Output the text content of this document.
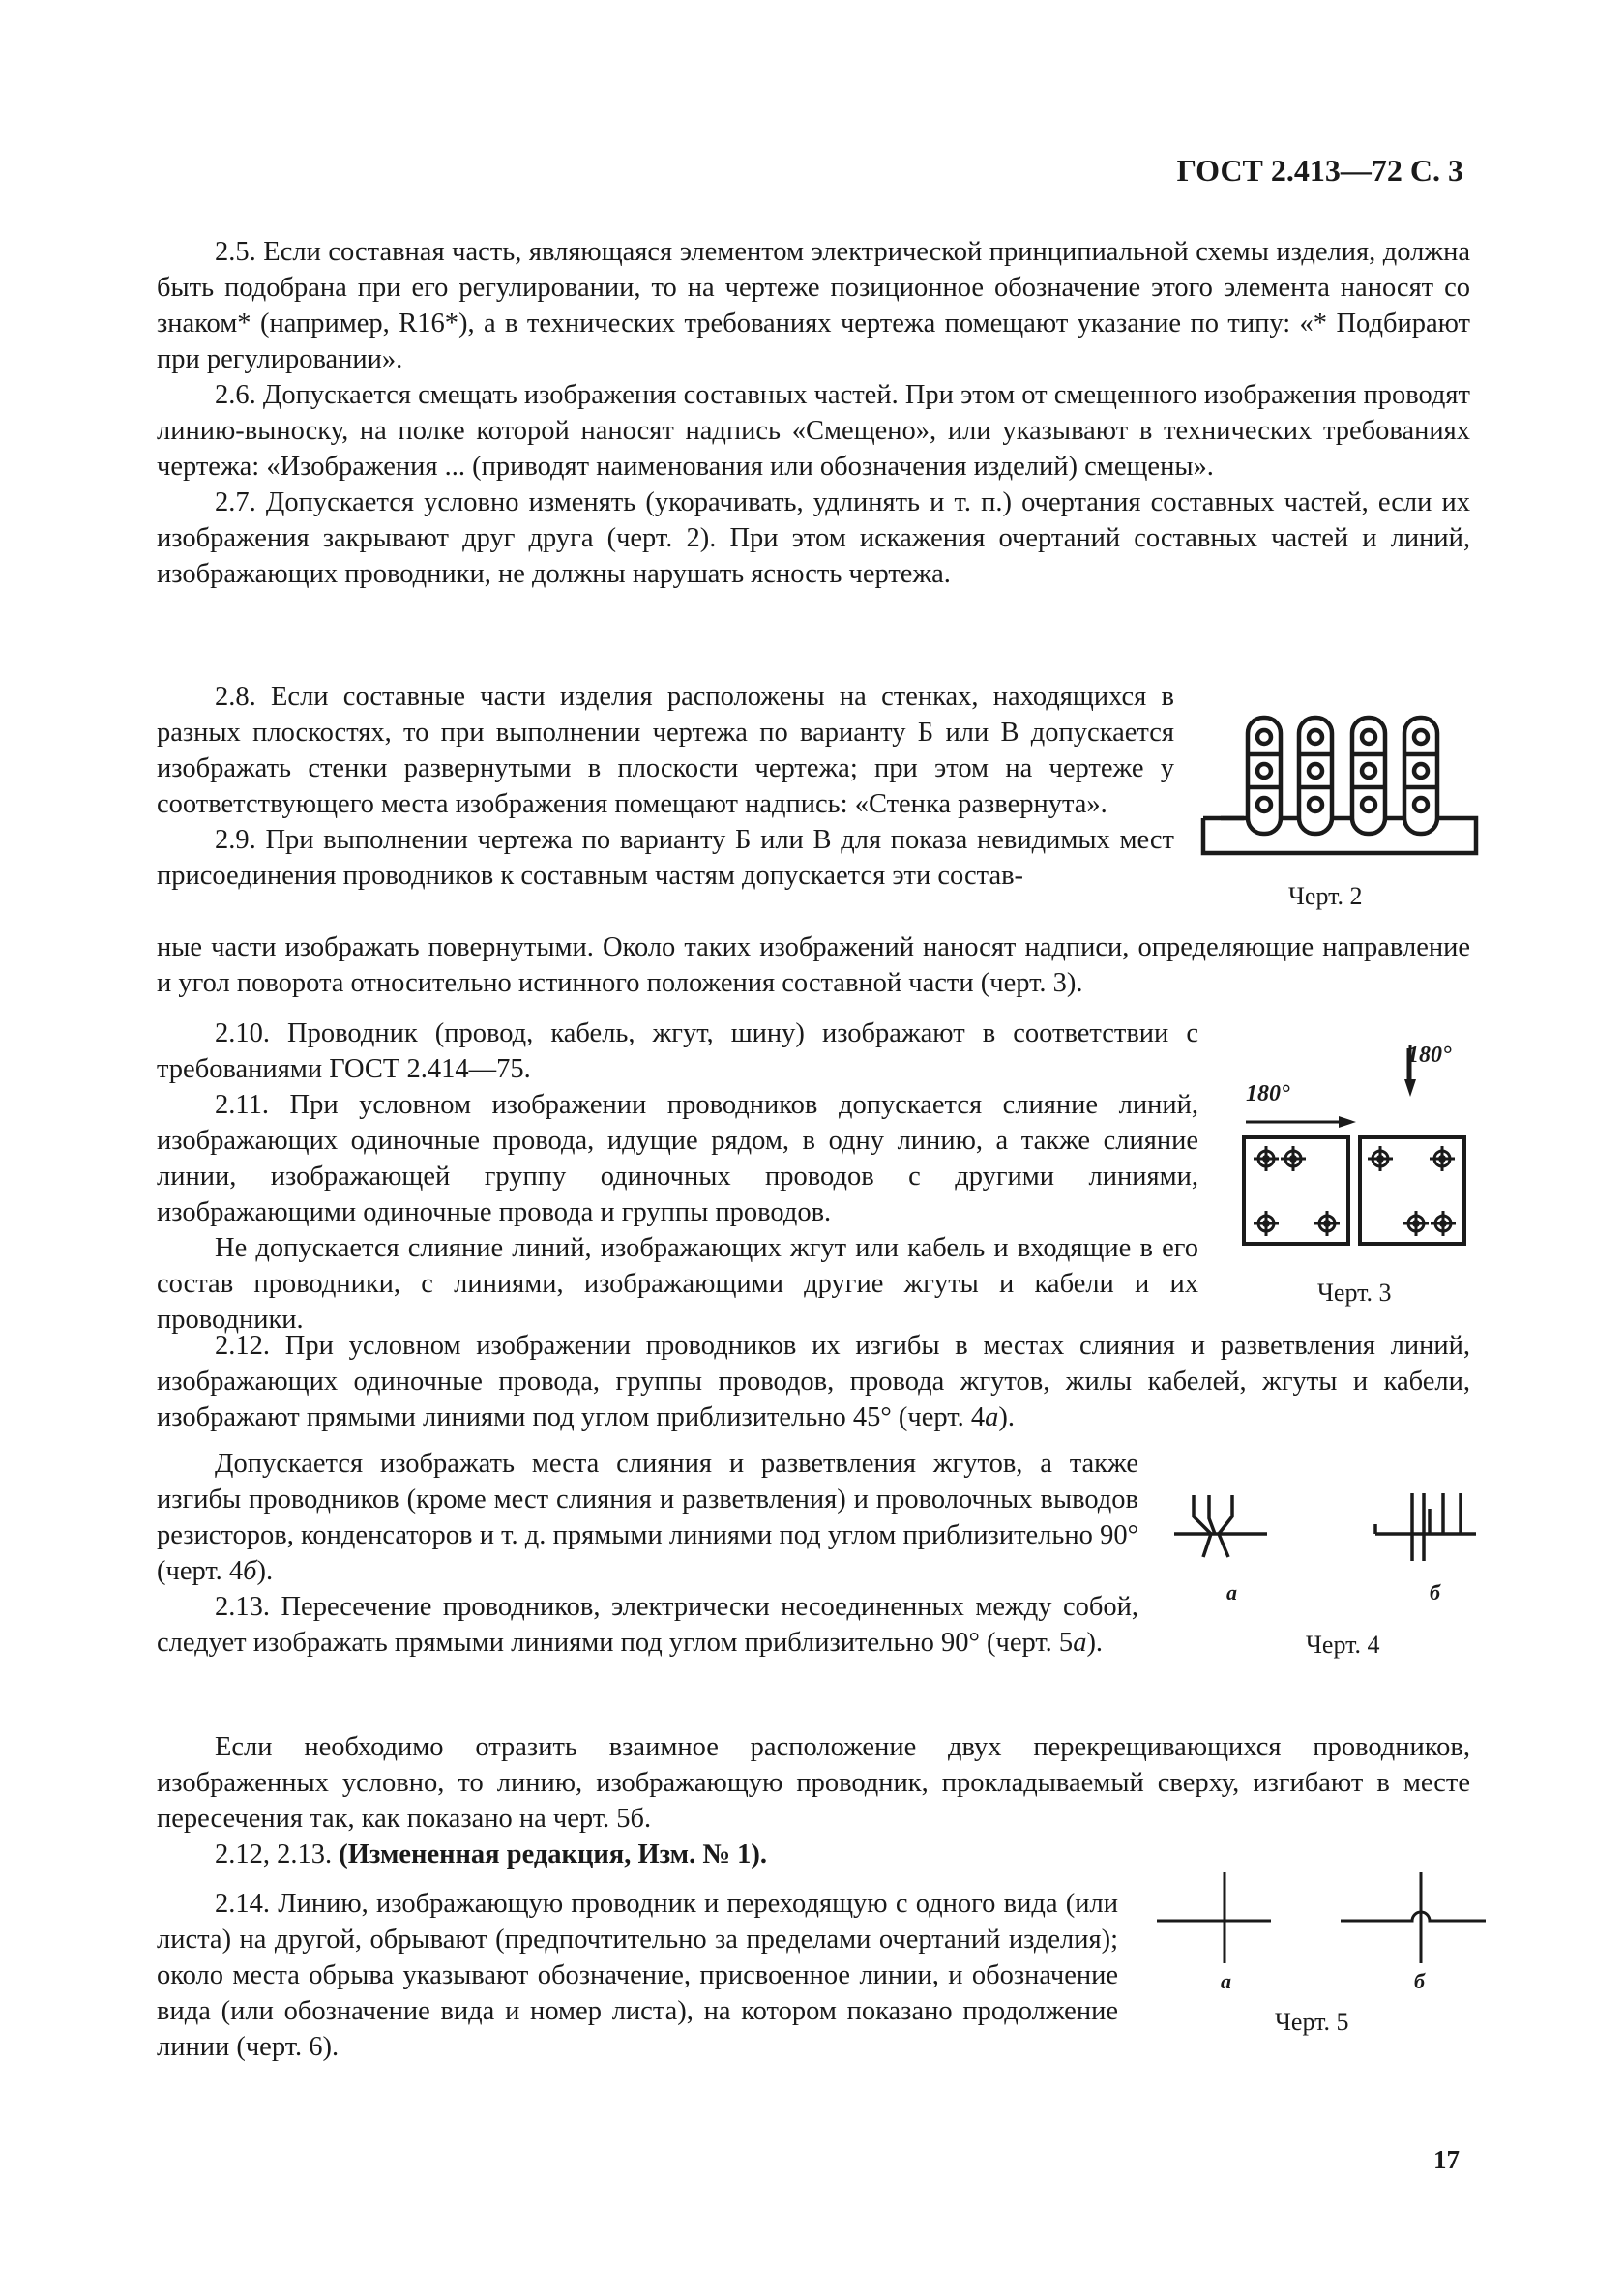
ГОСТ 2.413—72 С. 3

2.5. Если составная часть, являющаяся элементом электрической принципиальной схемы изделия, должна быть подобрана при его регулировании, то на чертеже позиционное обозначение этого элемента наносят со знаком* (например, R16*), а в технических требованиях чертежа помещают указание по типу: «* Подбирают при регулировании».

2.6. Допускается смещать изображения составных частей. При этом от смещенного изображения проводят линию-выноску, на полке которой наносят надпись «Смещено», или указывают в технических требованиях чертежа: «Изображения ... (приводят наименования или обозначения изделий) смещены».

2.7. Допускается условно изменять (укорачивать, удлинять и т. п.) очертания составных частей, если их изображения закрывают друг друга (черт. 2). При этом искажения очертаний составных частей и линий, изображающих проводники, не должны нарушать ясность чертежа.

2.8. Если составные части изделия расположены на стенках, находящихся в разных плоскостях, то при выполнении чертежа по варианту Б или В допускается изображать стенки развернутыми в плоскости чертежа; при этом на чертеже у соответствующего места изображения помещают надпись: «Стенка развернута».

2.9. При выполнении чертежа по варианту Б или В для показа невидимых мест присоединения проводников к составным частям допускается эти состав-

ные части изображать повернутыми. Около таких изображений наносят надписи, определяющие направление и угол поворота относительно истинного положения составной части (черт. 3).

Черт. 2

2.10. Проводник (провод, кабель, жгут, шину) изображают в соответствии с требованиями ГОСТ 2.414—75.

2.11. При условном изображении проводников допускается слияние линий, изображающих одиночные провода, идущие рядом, в одну линию, а также слияние линии, изображающей группу одиночных проводов с другими линиями, изображающими одиночные провода и группы проводов.

Не допускается слияние линий, изображающих жгут или кабель и входящие в его состав проводники, с линиями, изображающими другие жгуты и кабели и их проводники.

180°
180°
Черт. 3

2.12. При условном изображении проводников их изгибы в местах слияния и разветвления линий, изображающих одиночные провода, группы проводов, провода жгутов, жилы кабелей, жгуты и кабели, изображают прямыми линиями под углом приблизительно 45° (черт. 4а).

Допускается изображать места слияния и разветвления жгутов, а также изгибы проводников (кроме мест слияния и разветвления) и проволочных выводов резисторов, конденсаторов и т. д. прямыми линиями под углом приблизительно 90° (черт. 4б).

2.13. Пересечение проводников, электрически несоединенных между собой, следует изображать прямыми линиями под углом приблизительно 90° (черт. 5а).

а	б
Черт. 4

Если необходимо отразить взаимное расположение двух перекрещивающихся проводников, изображенных условно, то линию, изображающую проводник, прокладываемый сверху, изгибают в месте пересечения так, как показано на черт. 5б.

2.12, 2.13. (Измененная редакция, Изм. № 1).

2.14. Линию, изображающую проводник и переходящую с одного вида (или листа) на другой, обрывают (предпочтительно за пределами очертаний изделия); около места обрыва указывают обозначение, присвоенное линии, и обозначение вида (или обозначение вида и номер листа), на котором показано продолжение линии (черт. 6).

а	б
Черт. 5
17
